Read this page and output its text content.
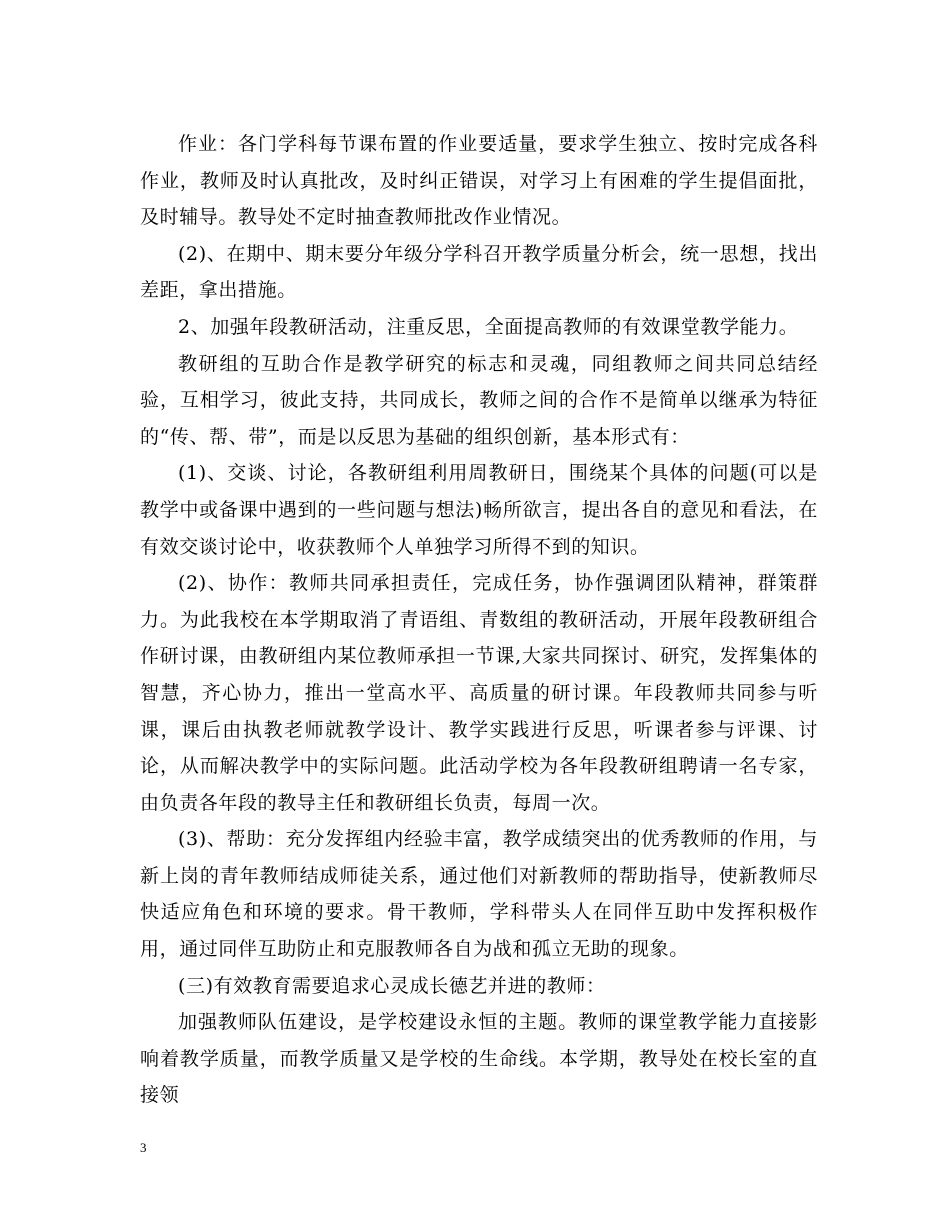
作业：各门学科每节课布置的作业要适量，要求学生独立、按时完成各科作业，教师及时认真批改，及时纠正错误，对学习上有困难的学生提倡面批，及时辅导。教导处不定时抽查教师批改作业情况。

(2)、在期中、期末要分年级分学科召开教学质量分析会，统一思想，找出差距，拿出措施。

2、加强年段教研活动，注重反思，全面提高教师的有效课堂教学能力。

教研组的互助合作是教学研究的标志和灵魂，同组教师之间共同总结经验，互相学习，彼此支持，共同成长，教师之间的合作不是简单以继承为特征的“传、帮、带”，而是以反思为基础的组织创新，基本形式有：

(1)、交谈、讨论，各教研组利用周教研日，围绕某个具体的问题(可以是教学中或备课中遇到的一些问题与想法)畅所欲言，提出各自的意见和看法，在有效交谈讨论中，收获教师个人单独学习所得不到的知识。

(2)、协作：教师共同承担责任，完成任务，协作强调团队精神，群策群力。为此我校在本学期取消了青语组、青数组的教研活动，开展年段教研组合作研讨课，由教研组内某位教师承担一节课,大家共同探讨、研究，发挥集体的智慧，齐心协力，推出一堂高水平、高质量的研讨课。年段教师共同参与听课，课后由执教老师就教学设计、教学实践进行反思，听课者参与评课、讨论，从而解决教学中的实际问题。此活动学校为各年段教研组聘请一名专家，由负责各年段的教导主任和教研组长负责，每周一次。

(3)、帮助：充分发挥组内经验丰富，教学成绩突出的优秀教师的作用，与新上岗的青年教师结成师徒关系，通过他们对新教师的帮助指导，使新教师尽快适应角色和环境的要求。骨干教师，学科带头人在同伴互助中发挥积极作用，通过同伴互助防止和克服教师各自为战和孤立无助的现象。

(三)有效教育需要追求心灵成长德艺并进的教师：

加强教师队伍建设，是学校建设永恒的主题。教师的课堂教学能力直接影响着教学质量，而教学质量又是学校的生命线。本学期，教导处在校长室的直接领

3
